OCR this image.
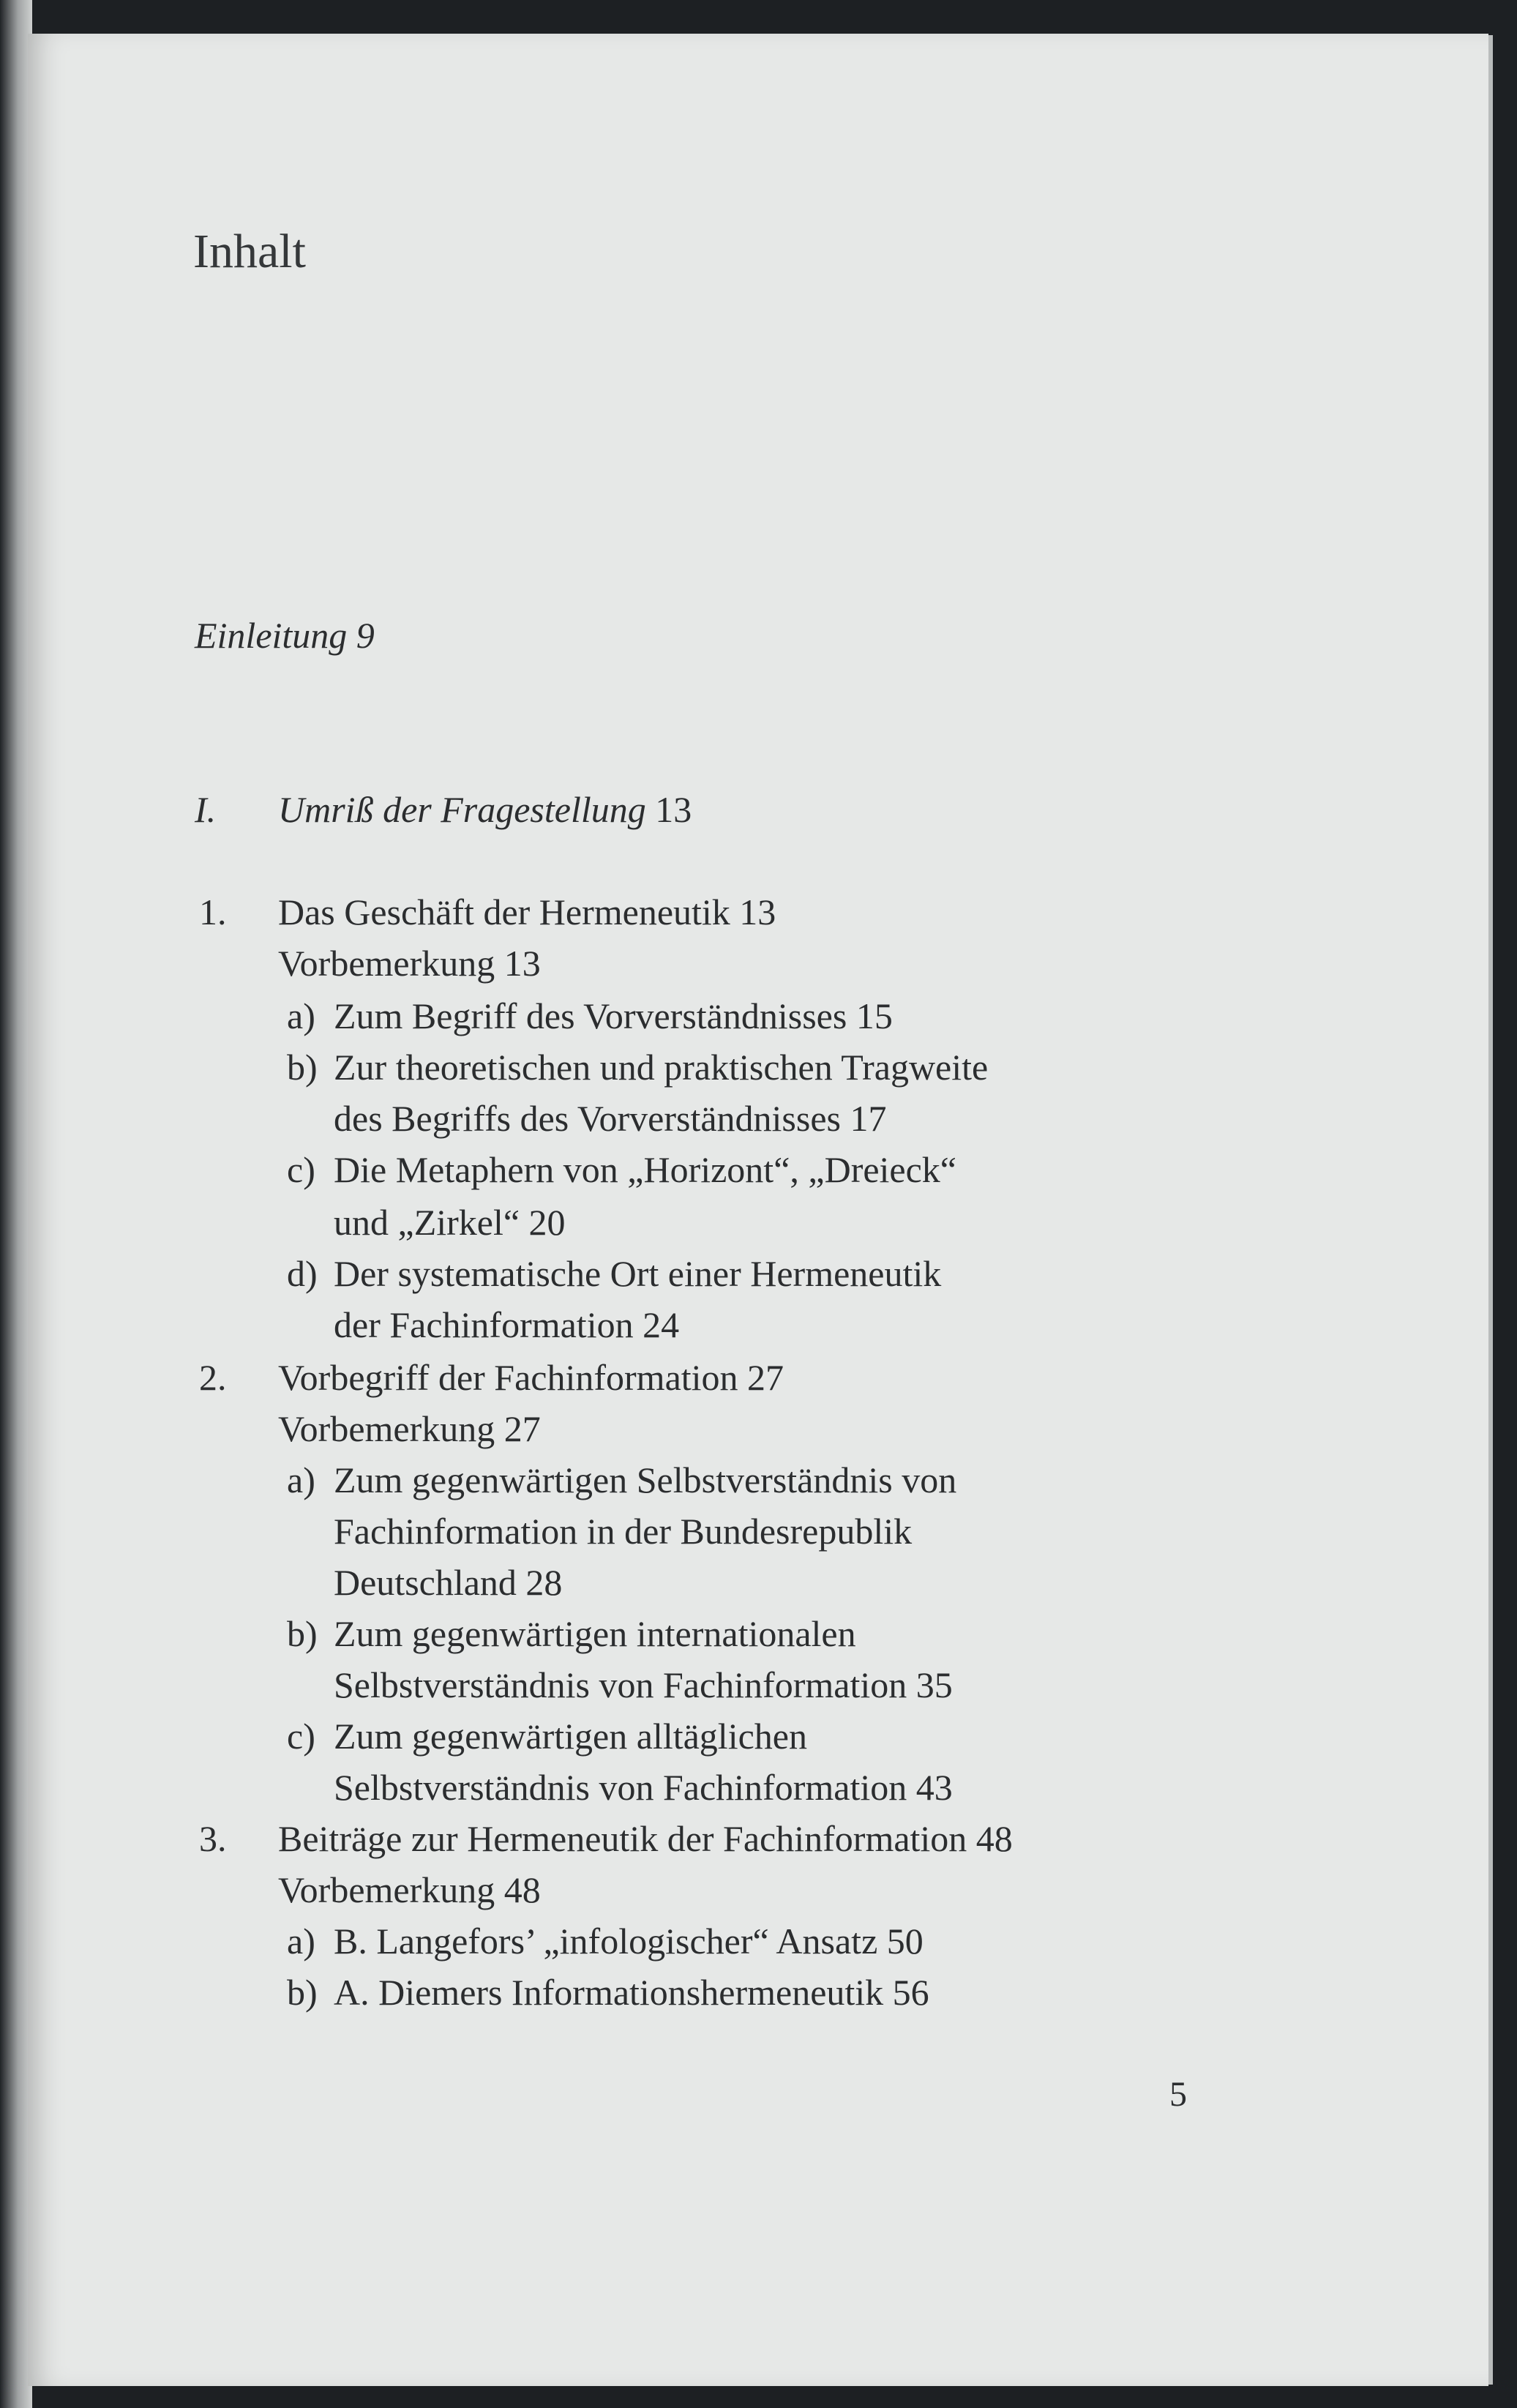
Inhalt

Einleitung 9

I. Umriß der Fragestellung 13

1. Das Geschäft der Hermeneutik 13

Vorbemerkung 13

a) Zum Begriff des Vorverständnisses 15

b) Zur theoretischen und praktischen Tragweite

des Begriffs des Vorverständnisses 17

c) Die Metaphern von „Horizont“, „Dreieck“

und „Zirkel“ 20

d) Der systematische Ort einer Hermeneutik

der Fachinformation 24

2. Vorbegriff der Fachinformation 27

Vorbemerkung 27

a) Zum gegenwärtigen Selbstverständnis von

Fachinformation in der Bundesrepublik

Deutschland 28

b) Zum gegenwärtigen internationalen

Selbstverständnis von Fachinformation 35

c) Zum gegenwärtigen alltäglichen

Selbstverständnis von Fachinformation 43

3. Beiträge zur Hermeneutik der Fachinformation 48

Vorbemerkung 48

a) B. Langefors’ „infologischer“ Ansatz 50

b) A. Diemers Informationshermeneutik 56

5
